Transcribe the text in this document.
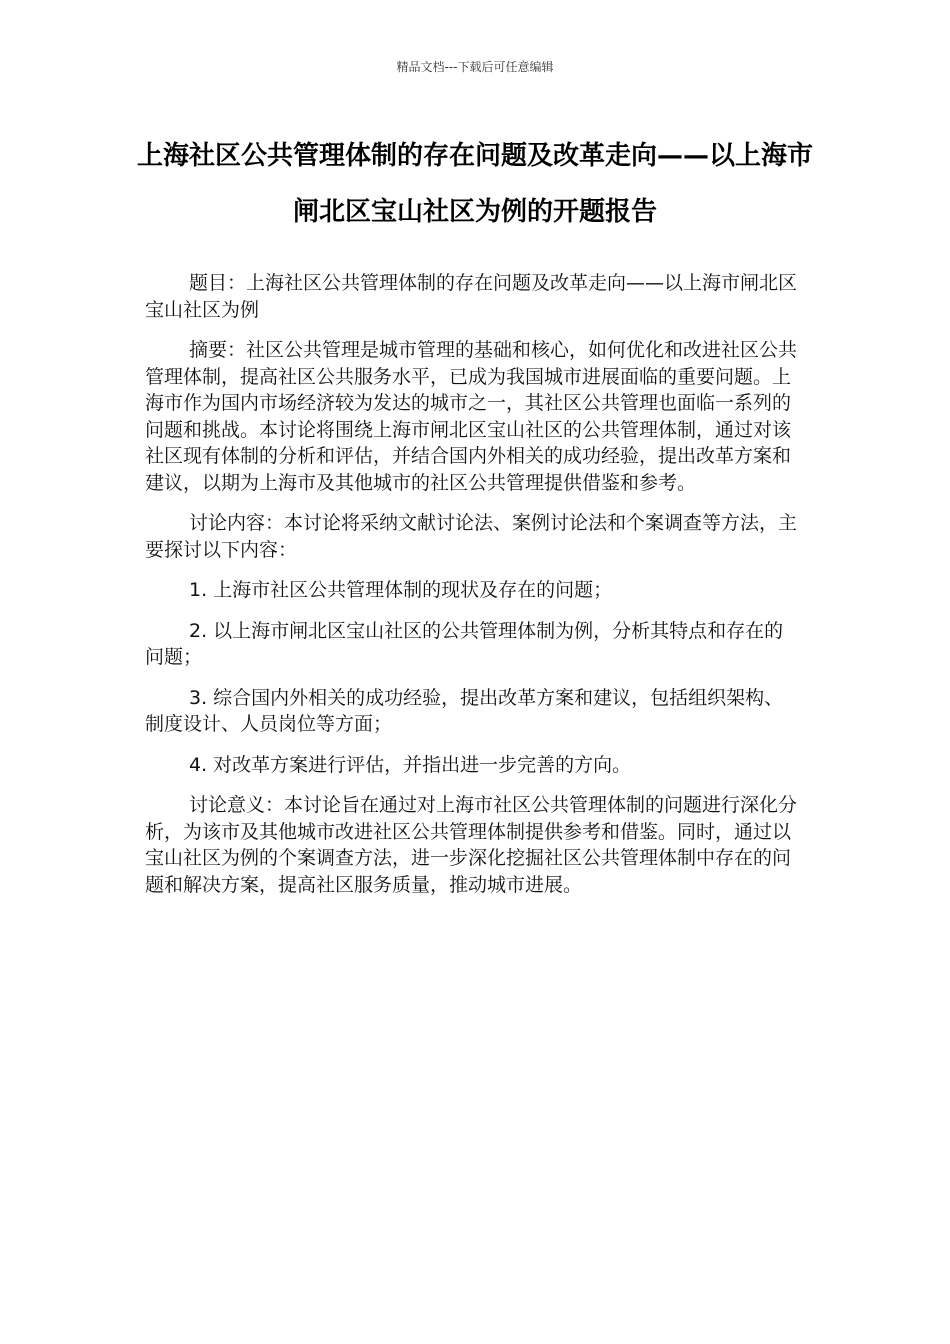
精品文档---下载后可任意编辑
上海社区公共管理体制的存在问题及改革走向——以上海市闸北区宝山社区为例的开题报告

题目：上海社区公共管理体制的存在问题及改革走向——以上海市闸北区宝山社区为例

摘要：社区公共管理是城市管理的基础和核心，如何优化和改进社区公共管理体制，提高社区公共服务水平，已成为我国城市进展面临的重要问题。上海市作为国内市场经济较为发达的城市之一，其社区公共管理也面临一系列的问题和挑战。本讨论将围绕上海市闸北区宝山社区的公共管理体制，通过对该社区现有体制的分析和评估，并结合国内外相关的成功经验，提出改革方案和建议，以期为上海市及其他城市的社区公共管理提供借鉴和参考。

讨论内容：本讨论将采纳文献讨论法、案例讨论法和个案调查等方法，主要探讨以下内容：

1. 上海市社区公共管理体制的现状及存在的问题；

2. 以上海市闸北区宝山社区的公共管理体制为例，分析其特点和存在的问题；

3. 综合国内外相关的成功经验，提出改革方案和建议，包括组织架构、制度设计、人员岗位等方面；

4. 对改革方案进行评估，并指出进一步完善的方向。

讨论意义：本讨论旨在通过对上海市社区公共管理体制的问题进行深化分析，为该市及其他城市改进社区公共管理体制提供参考和借鉴。同时，通过以宝山社区为例的个案调查方法，进一步深化挖掘社区公共管理体制中存在的问题和解决方案，提高社区服务质量，推动城市进展。
